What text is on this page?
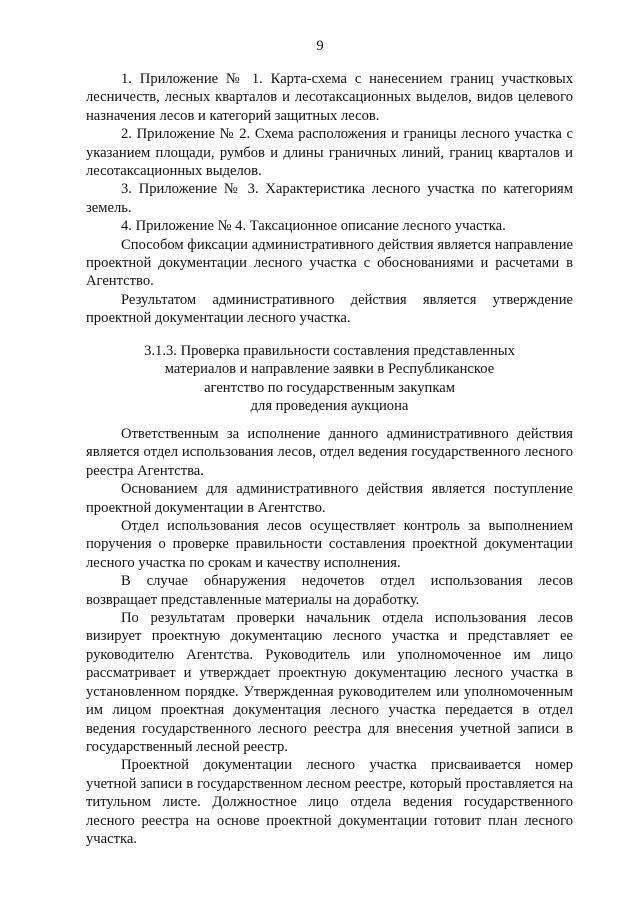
9

1. Приложение № 1. Карта-схема с нанесением границ участковых лесничеств, лесных кварталов и лесотаксационных выделов, видов целевого назначения лесов и категорий защитных лесов.

2. Приложение № 2. Схема расположения и границы лесного участка с указанием площади, румбов и длины граничных линий, границ кварталов и лесотаксационных выделов.

3. Приложение № 3. Характеристика лесного участка по категориям земель.

4. Приложение № 4. Таксационное описание лесного участка.

Способом фиксации административного действия является направление проектной документации лесного участка с обоснованиями и расчетами в Агентство.

Результатом административного действия является утверждение проектной документации лесного участка.

3.1.3. Проверка правильности составления представленных
материалов и направление заявки в Республиканское
агентство по государственным закупкам
для проведения аукциона

Ответственным за исполнение данного административного действия является отдел использования лесов, отдел ведения государственного лесного реестра Агентства.

Основанием для административного действия является поступление проектной документации в Агентство.

Отдел использования лесов осуществляет контроль за выполнением поручения о проверке правильности составления проектной документации лесного участка по срокам и качеству исполнения.

В случае обнаружения недочетов отдел использования лесов возвращает представленные материалы на доработку.

По результатам проверки начальник отдела использования лесов визирует проектную документацию лесного участка и представляет ее руководителю Агентства. Руководитель или уполномоченное им лицо рассматривает и утверждает проектную документацию лесного участка в установленном порядке. Утвержденная руководителем или уполномоченным им лицом проектная документация лесного участка передается в отдел ведения государственного лесного реестра для внесения учетной записи в государственный лесной реестр.

Проектной документации лесного участка присваивается номер учетной записи в государственном лесном реестре, который проставляется на титульном листе. Должностное лицо отдела ведения государственного лесного реестра на основе проектной документации готовит план лесного участка.
